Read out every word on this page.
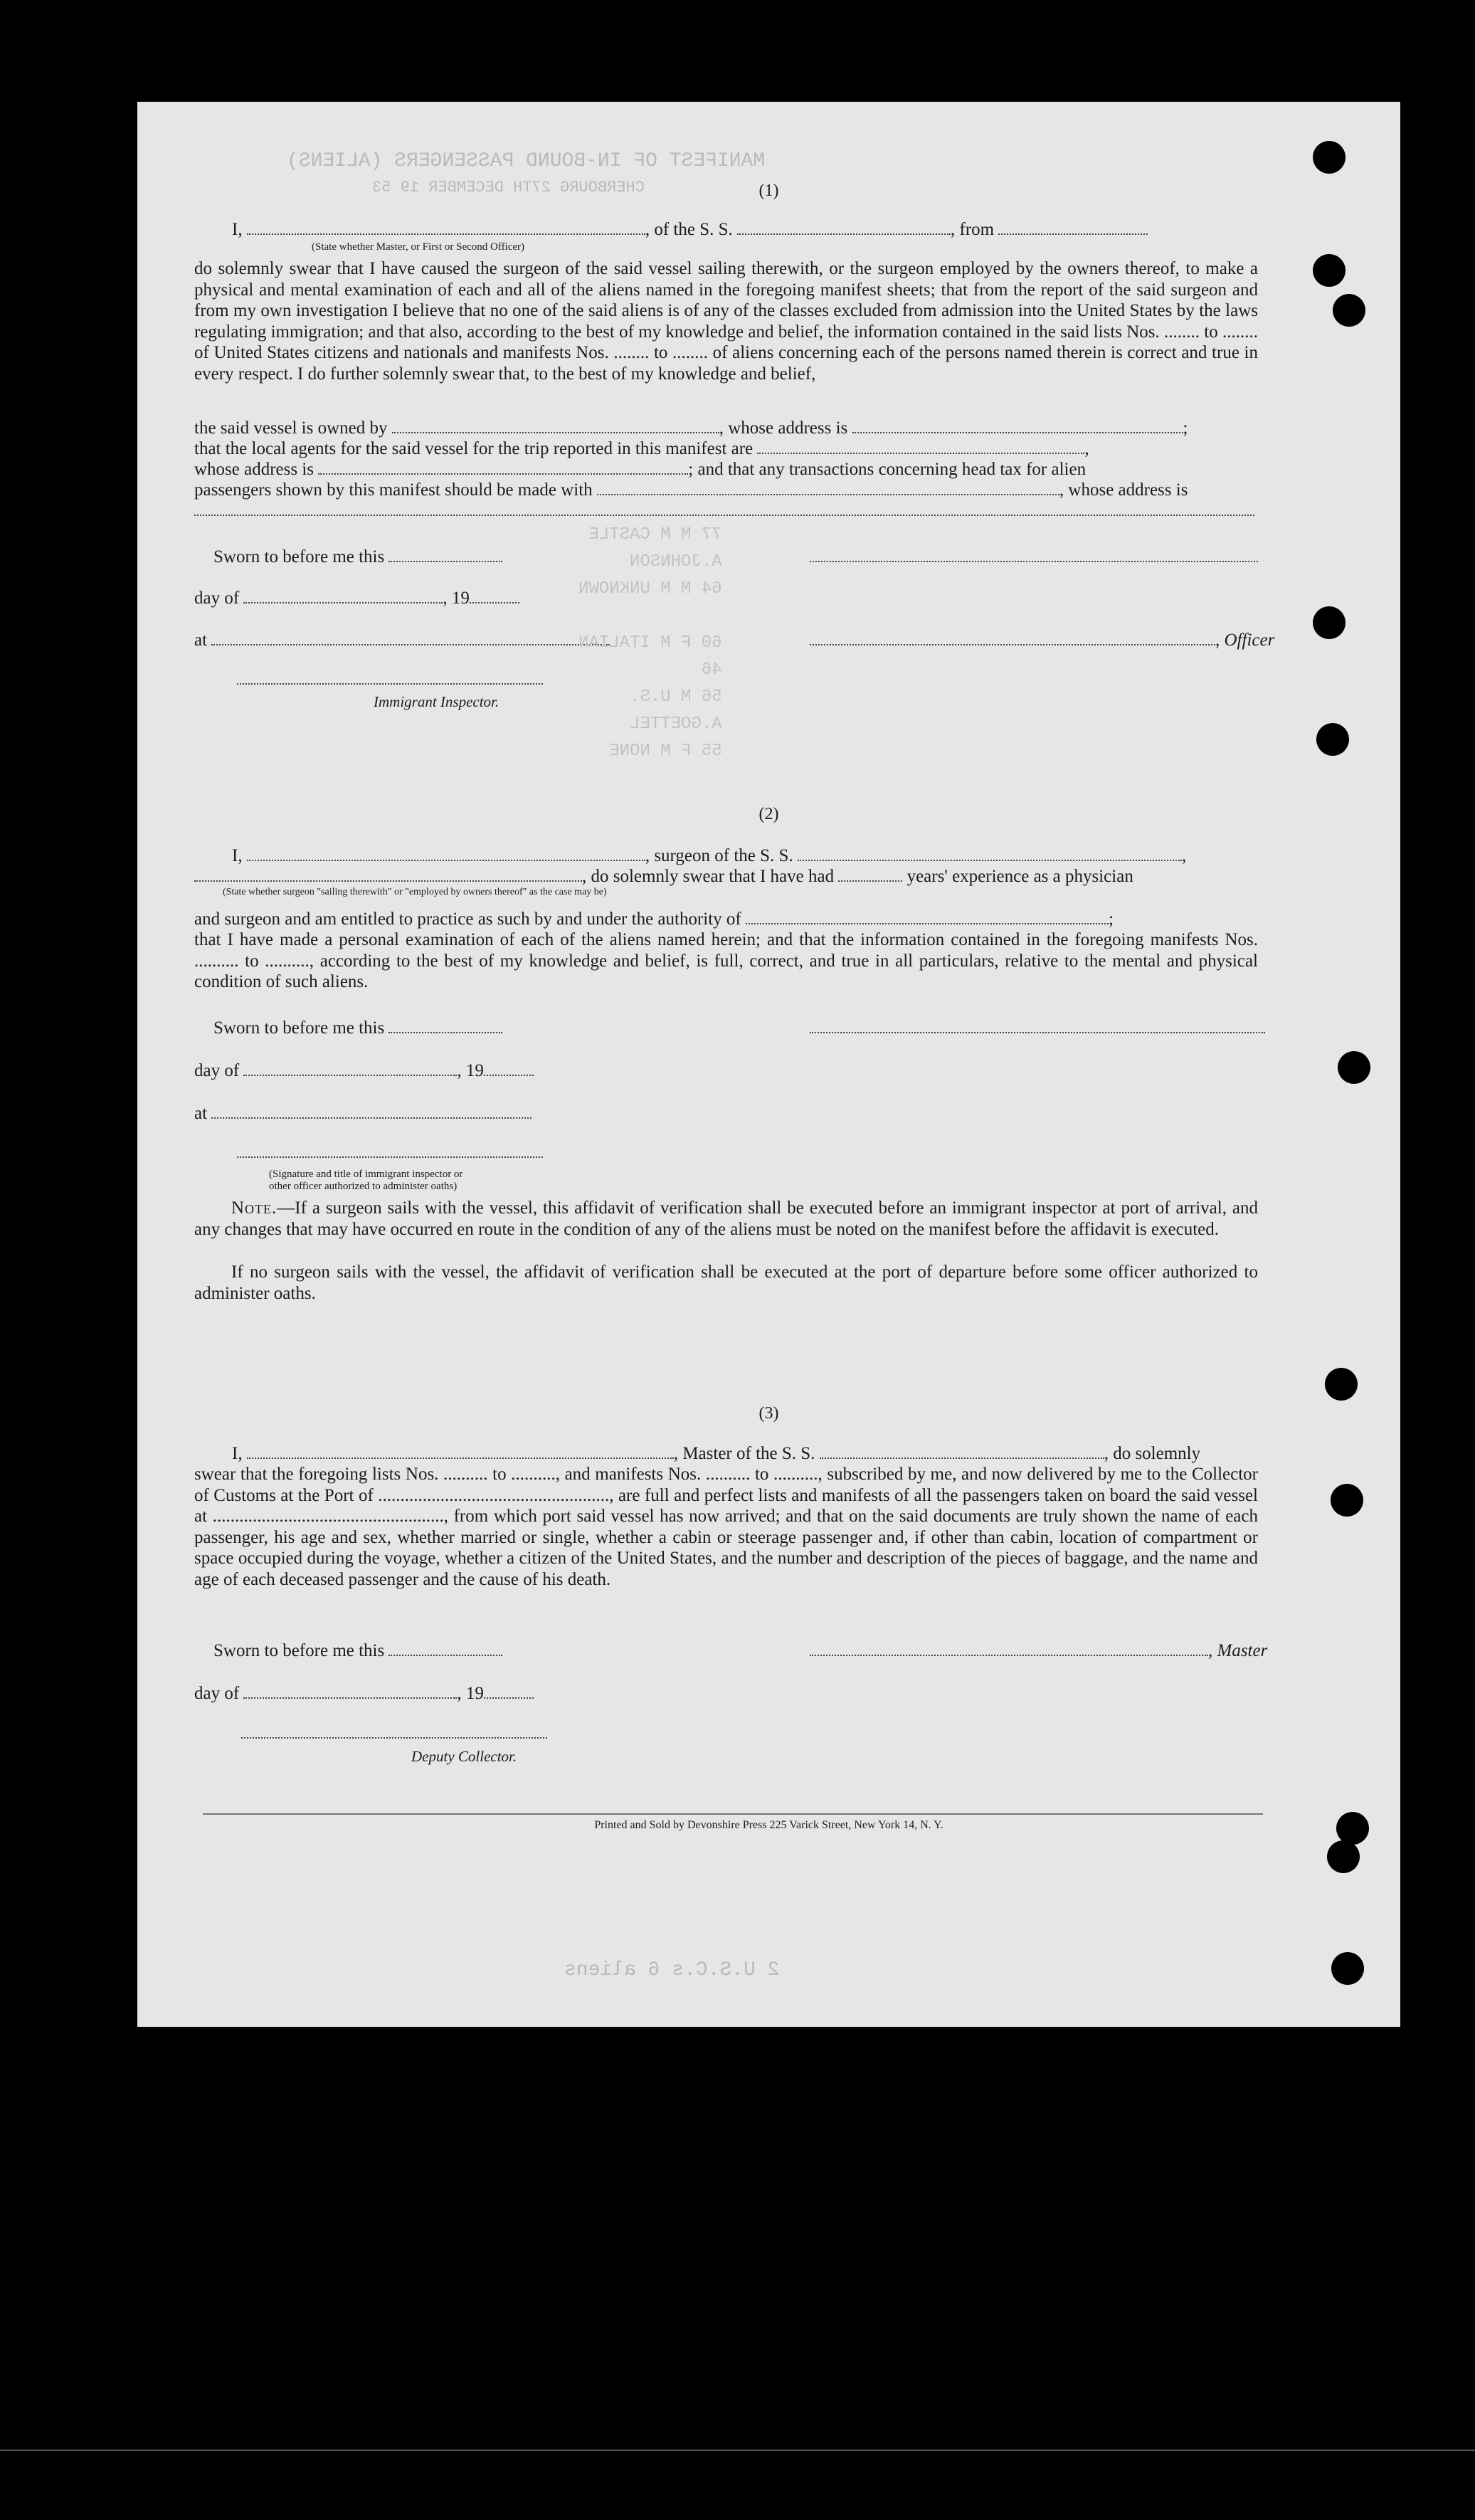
MANIFEST OF IN-BOUND PASSENGERS (ALIENS)
CHERBOURG 27TH DECEMBER 19 53	(1)
I,	, of the S. S.	, from
(State whether Master, or First or Second Officer)
do solemnly swear that I have caused the surgeon of the said vessel sailing therewith, or the surgeon employed by the owners thereof, to make a physical and mental examination of each and all of the aliens named in the foregoing manifest sheets; that from the report of the said surgeon and from my own investigation I believe that no one of the said aliens is of any of the classes excluded from admission into the United States by the laws regulating immigration; and that also, according to the best of my knowledge and belief, the information contained in the said lists Nos. ........ to ........ of United States citizens and nationals and manifests Nos. ........ to ........ of aliens concerning each of the persons named therein is correct and true in every respect. I do further solemnly swear that, to the best of my knowledge and belief,
the said vessel is owned by	, whose address is	;
that the local agents for the said vessel for the trip reported in this manifest are	,
whose address is	; and that any transactions concerning head tax for alien
passengers shown by this manifest should be made with	, whose address is
Sworn to before me this
day of	, 19
at	, Officer
Immigrant Inspector.
77 M M CASTLE
A.JOHNSON
64 M M UNKNOWN

60 F M ITALIAN
46
56 M U.S.
A.GOETTEL
55 F M NONE
(2)
I,	, surgeon of the S. S.	,
, do solemnly swear that I have had	years' experience as a physician
(State whether surgeon "sailing therewith" or "employed by owners thereof" as the case may be)
and surgeon and am entitled to practice as such by and under the authority of	;
that I have made a personal examination of each of the aliens named herein; and that the information contained in the foregoing manifests Nos. .......... to .........., according to the best of my knowledge and belief, is full, correct, and true in all particulars, relative to the mental and physical condition of such aliens.
Sworn to before me this
day of	, 19
at
(Signature and title of immigrant inspector or
other officer authorized to administer oaths)
Note.—If a surgeon sails with the vessel, this affidavit of verification shall be executed before an immigrant inspector at port of arrival, and any changes that may have occurred en route in the condition of any of the aliens must be noted on the manifest before the affidavit is executed.
If no surgeon sails with the vessel, the affidavit of verification shall be executed at the port of departure before some officer authorized to administer oaths.
(3)
I,	, Master of the S. S.	, do solemnly
swear that the foregoing lists Nos. .......... to .........., and manifests Nos. .......... to .........., subscribed by me, and now delivered by me to the Collector of Customs at the Port of ...................................................., are full and perfect lists and manifests of all the passengers taken on board the said vessel at ...................................................., from which port said vessel has now arrived; and that on the said documents are truly shown the name of each passenger, his age and sex, whether married or single, whether a cabin or steerage passenger and, if other than cabin, location of compartment or space occupied during the voyage, whether a citizen of the United States, and the number and description of the pieces of baggage, and the name and age of each deceased passenger and the cause of his death.
Sworn to before me this	, Master
day of	, 19
Deputy Collector.
Printed and Sold by Devonshire Press 225 Varick Street, New York 14, N. Y.
2 U.S.C.s 6 aliens
